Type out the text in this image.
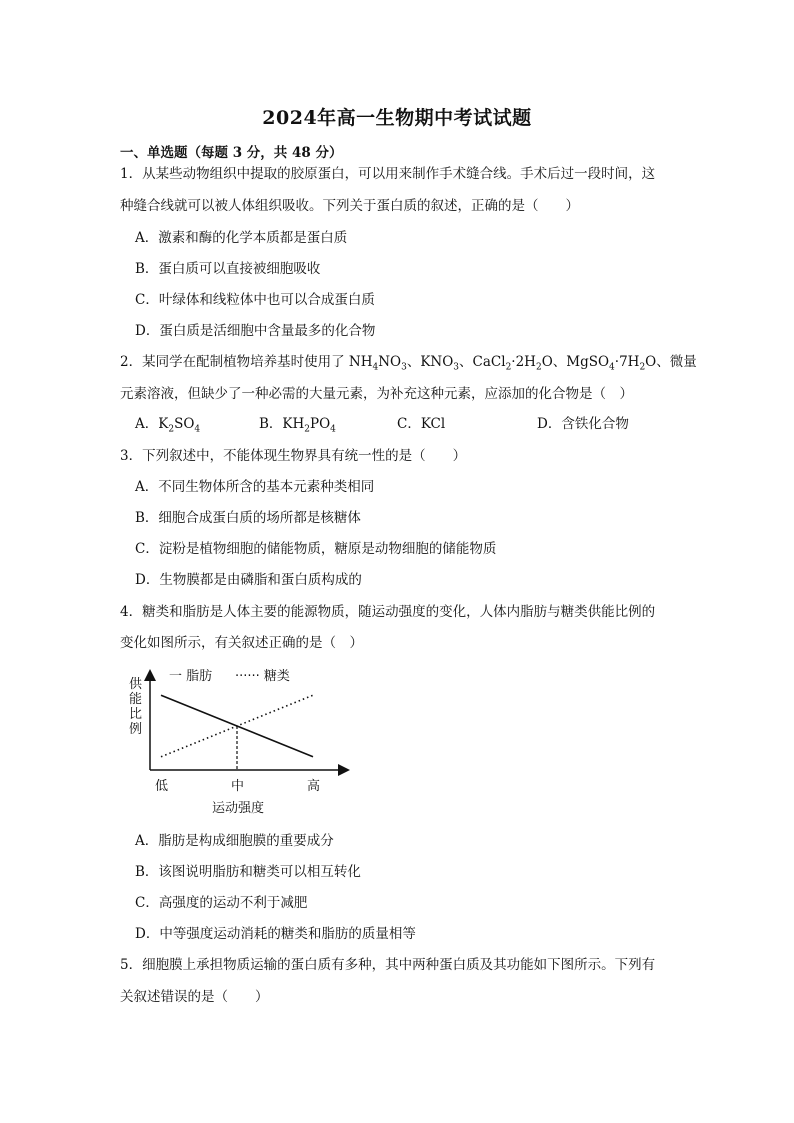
2024年高一生物期中考试试题
一、单选题（每题 3 分，共 48 分）
1．从某些动物组织中提取的胶原蛋白，可以用来制作手术缝合线。手术后过一段时间，这
种缝合线就可以被人体组织吸收。下列关于蛋白质的叙述，正确的是（　　）
A．激素和酶的化学本质都是蛋白质
B．蛋白质可以直接被细胞吸收
C．叶绿体和线粒体中也可以合成蛋白质
D．蛋白质是活细胞中含量最多的化合物
2．某同学在配制植物培养基时使用了 $NH_4NO_3$、$KNO_3$、$CaCl_2\cdot 2H_2O$、$MgSO_4\cdot 7H_2O$、微量
元素溶液，但缺少了一种必需的大量元素，为补充这种元素，应添加的化合物是（　）
A．$K_2SO_4$	B．$KH_2PO_4$	C．KCl	D．含铁化合物
3．下列叙述中，不能体现生物界具有统一性的是（　　）
A．不同生物体所含的基本元素种类相同
B．细胞合成蛋白质的场所都是核糖体
C．淀粉是植物细胞的储能物质，糖原是动物细胞的储能物质
D．生物膜都是由磷脂和蛋白质构成的
4．糖类和脂肪是人体主要的能源物质，随运动强度的变化，人体内脂肪与糖类供能比例的
变化如图所示，有关叙述正确的是（　）
供能比例
一 脂肪 ······ 糖类
低	中	高
运动强度
A．脂肪是构成细胞膜的重要成分
B．该图说明脂肪和糖类可以相互转化
C．高强度的运动不利于减肥
D．中等强度运动消耗的糖类和脂肪的质量相等
5．细胞膜上承担物质运输的蛋白质有多种，其中两种蛋白质及其功能如下图所示。下列有
关叙述错误的是（　　）
